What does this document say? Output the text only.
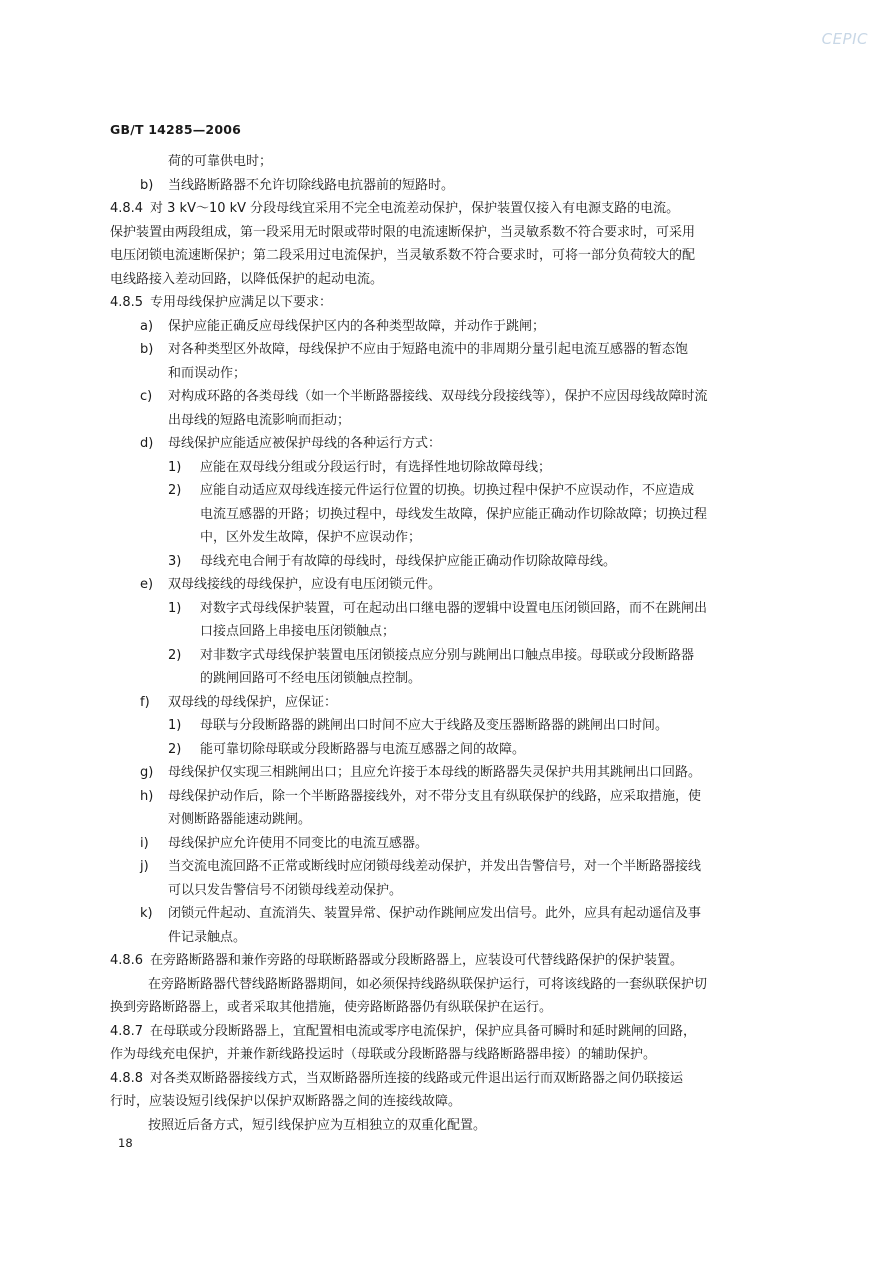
CEPIC
GB/T 14285—2006
荷的可靠供电时；
b) 当线路断路器不允许切除线路电抗器前的短路时。
4.8.4 对 3 kV～10 kV 分段母线宜采用不完全电流差动保护，保护装置仅接入有电源支路的电流。
保护装置由两段组成，第一段采用无时限或带时限的电流速断保护，当灵敏系数不符合要求时，可采用
电压闭锁电流速断保护；第二段采用过电流保护，当灵敏系数不符合要求时，可将一部分负荷较大的配
电线路接入差动回路，以降低保护的起动电流。
4.8.5 专用母线保护应满足以下要求：
a) 保护应能正确反应母线保护区内的各种类型故障，并动作于跳闸；
b) 对各种类型区外故障，母线保护不应由于短路电流中的非周期分量引起电流互感器的暂态饱
和而误动作；
c) 对构成环路的各类母线（如一个半断路器接线、双母线分段接线等），保护不应因母线故障时流
出母线的短路电流影响而拒动；
d) 母线保护应能适应被保护母线的各种运行方式：
1) 应能在双母线分组或分段运行时，有选择性地切除故障母线；
2) 应能自动适应双母线连接元件运行位置的切换。切换过程中保护不应误动作，不应造成
电流互感器的开路；切换过程中，母线发生故障，保护应能正确动作切除故障；切换过程
中，区外发生故障，保护不应误动作；
3) 母线充电合闸于有故障的母线时，母线保护应能正确动作切除故障母线。
e) 双母线接线的母线保护，应设有电压闭锁元件。
1) 对数字式母线保护装置，可在起动出口继电器的逻辑中设置电压闭锁回路，而不在跳闸出
口接点回路上串接电压闭锁触点；
2) 对非数字式母线保护装置电压闭锁接点应分别与跳闸出口触点串接。母联或分段断路器
的跳闸回路可不经电压闭锁触点控制。
f) 双母线的母线保护，应保证：
1) 母联与分段断路器的跳闸出口时间不应大于线路及变压器断路器的跳闸出口时间。
2) 能可靠切除母联或分段断路器与电流互感器之间的故障。
g) 母线保护仅实现三相跳闸出口；且应允许接于本母线的断路器失灵保护共用其跳闸出口回路。
h) 母线保护动作后，除一个半断路器接线外，对不带分支且有纵联保护的线路，应采取措施，使
对侧断路器能速动跳闸。
i) 母线保护应允许使用不同变比的电流互感器。
j) 当交流电流回路不正常或断线时应闭锁母线差动保护，并发出告警信号，对一个半断路器接线
可以只发告警信号不闭锁母线差动保护。
k) 闭锁元件起动、直流消失、装置异常、保护动作跳闸应发出信号。此外，应具有起动遥信及事
件记录触点。
4.8.6 在旁路断路器和兼作旁路的母联断路器或分段断路器上，应装设可代替线路保护的保护装置。
在旁路断路器代替线路断路器期间，如必须保持线路纵联保护运行，可将该线路的一套纵联保护切
换到旁路断路器上，或者采取其他措施，使旁路断路器仍有纵联保护在运行。
4.8.7 在母联或分段断路器上，宜配置相电流或零序电流保护，保护应具备可瞬时和延时跳闸的回路，
作为母线充电保护，并兼作新线路投运时（母联或分段断路器与线路断路器串接）的辅助保护。
4.8.8 对各类双断路器接线方式，当双断路器所连接的线路或元件退出运行而双断路器之间仍联接运
行时，应装设短引线保护以保护双断路器之间的连接线故障。
按照近后备方式，短引线保护应为互相独立的双重化配置。
18
